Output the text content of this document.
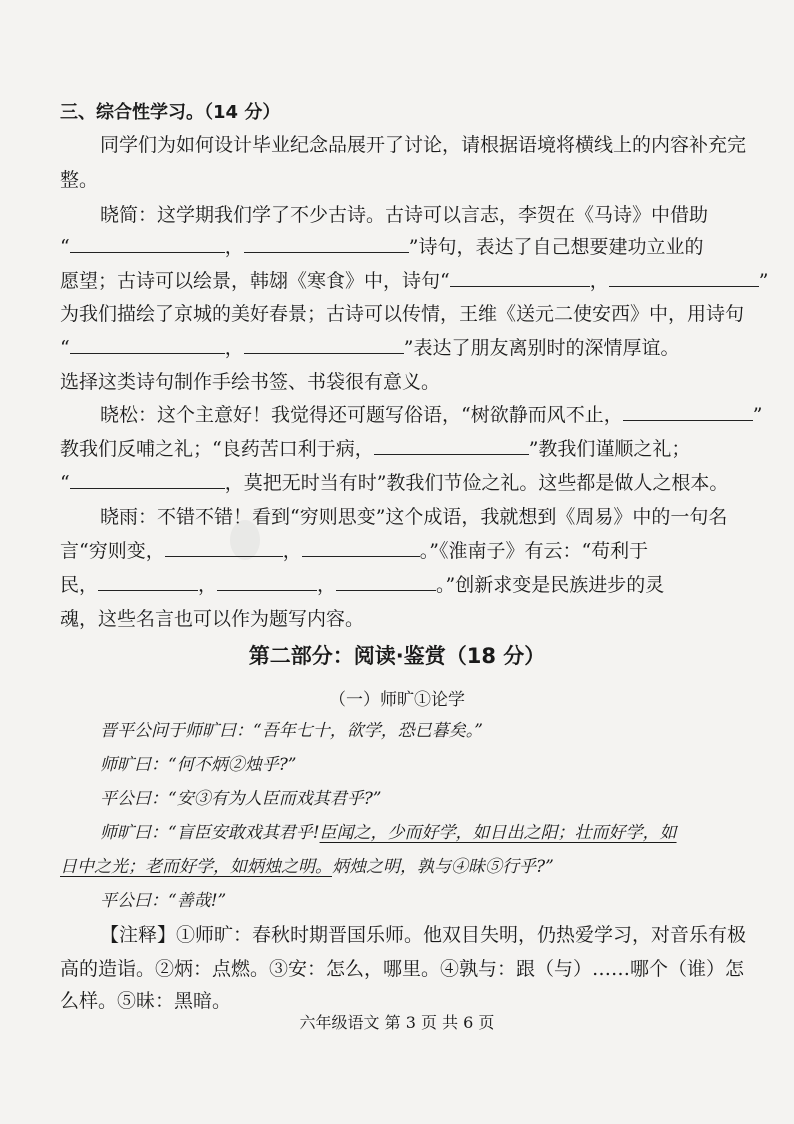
三、综合性学习。（14 分）
同学们为如何设计毕业纪念品展开了讨论，请根据语境将横线上的内容补充完
整。
晓简：这学期我们学了不少古诗。古诗可以言志，李贺在《马诗》中借助
“	，	”诗句，表达了自己想要建功立业的
愿望；古诗可以绘景，韩翃《寒食》中，诗句“	，	”
为我们描绘了京城的美好春景；古诗可以传情，王维《送元二使安西》中，用诗句
“	，	”表达了朋友离别时的深情厚谊。
选择这类诗句制作手绘书签、书袋很有意义。
晓松：这个主意好！我觉得还可题写俗语，“树欲静而风不止，	”
教我们反哺之礼；“良药苦口利于病，	”教我们谨顺之礼；
“	，莫把无时当有时”教我们节俭之礼。这些都是做人之根本。
晓雨：不错不错！看到“穷则思变”这个成语，我就想到《周易》中的一句名
言“穷则变，	，	。”《淮南子》有云：“苟利于
民，	，	，	。”创新求变是民族进步的灵
魂，这些名言也可以作为题写内容。
第二部分：阅读·鉴赏（18 分）
（一）师旷①论学
晋平公问于师旷曰：“吾年七十，欲学，恐已暮矣。”
师旷曰：“何不炳②烛乎?”
平公曰：“安③有为人臣而戏其君乎?”
师旷曰：“盲臣安敢戏其君乎!臣闻之，少而好学，如日出之阳；壮而好学，如
日中之光；老而好学，如炳烛之明。炳烛之明，孰与④昧⑤行乎?”
平公曰：“善哉!”
【注释】①师旷：春秋时期晋国乐师。他双目失明，仍热爱学习，对音乐有极
高的造诣。②炳：点燃。③安：怎么，哪里。④孰与：跟（与）……哪个（谁）怎
么样。⑤昧：黑暗。
六年级语文 第 3 页 共 6 页
